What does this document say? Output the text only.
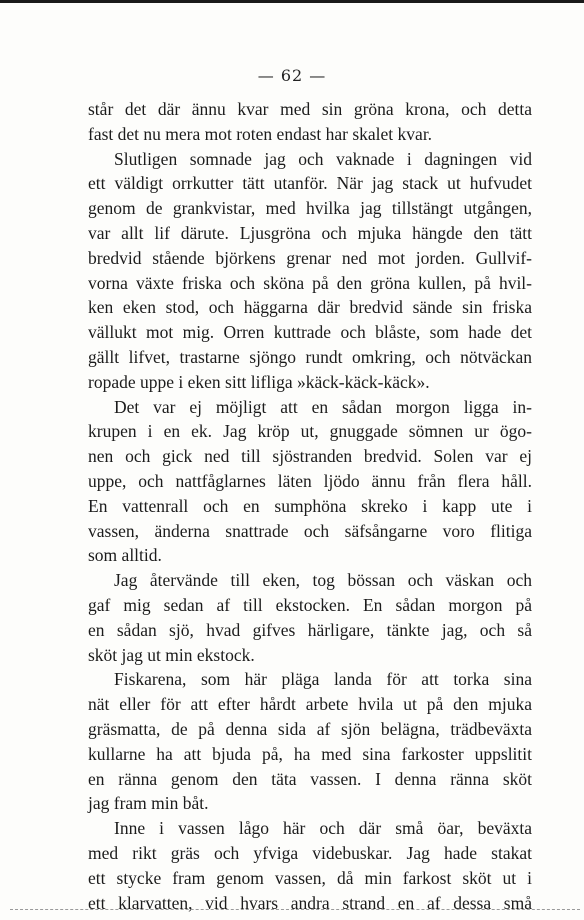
— 62 —
står det där ännu kvar med sin gröna krona, och detta
fast det nu mera mot roten endast har skalet kvar.
Slutligen somnade jag och vaknade i dagningen vid
ett väldigt orrkutter tätt utanför. När jag stack ut hufvudet
genom de grankvistar, med hvilka jag tillstängt utgången,
var allt lif därute. Ljusgröna och mjuka hängde den tätt
bredvid stående björkens grenar ned mot jorden. Gullvif-
vorna växte friska och sköna på den gröna kullen, på hvil-
ken eken stod, och häggarna där bredvid sände sin friska
vällukt mot mig. Orren kuttrade och blåste, som hade det
gällt lifvet, trastarne sjöngo rundt omkring, och nötväckan
ropade uppe i eken sitt lifliga »käck-käck-käck».
Det var ej möjligt att en sådan morgon ligga in-
krupen i en ek. Jag kröp ut, gnuggade sömnen ur ögo-
nen och gick ned till sjöstranden bredvid. Solen var ej
uppe, och nattfåglarnes läten ljödo ännu från flera håll.
En vattenrall och en sumphöna skreko i kapp ute i
vassen, änderna snattrade och säfsångarne voro flitiga
som alltid.
Jag återvände till eken, tog bössan och väskan och
gaf mig sedan af till ekstocken. En sådan morgon på
en sådan sjö, hvad gifves härligare, tänkte jag, och så
sköt jag ut min ekstock.
Fiskarena, som här pläga landa för att torka sina
nät eller för att efter hårdt arbete hvila ut på den mjuka
gräsmatta, de på denna sida af sjön belägna, trädbeväxta
kullarne ha att bjuda på, ha med sina farkoster uppslitit
en ränna genom den täta vassen. I denna ränna sköt
jag fram min båt.
Inne i vassen lågo här och där små öar, beväxta
med rikt gräs och yfviga videbuskar. Jag hade stakat
ett stycke fram genom vassen, då min farkost sköt ut i
ett klarvatten, vid hvars andra strand en af dessa små
